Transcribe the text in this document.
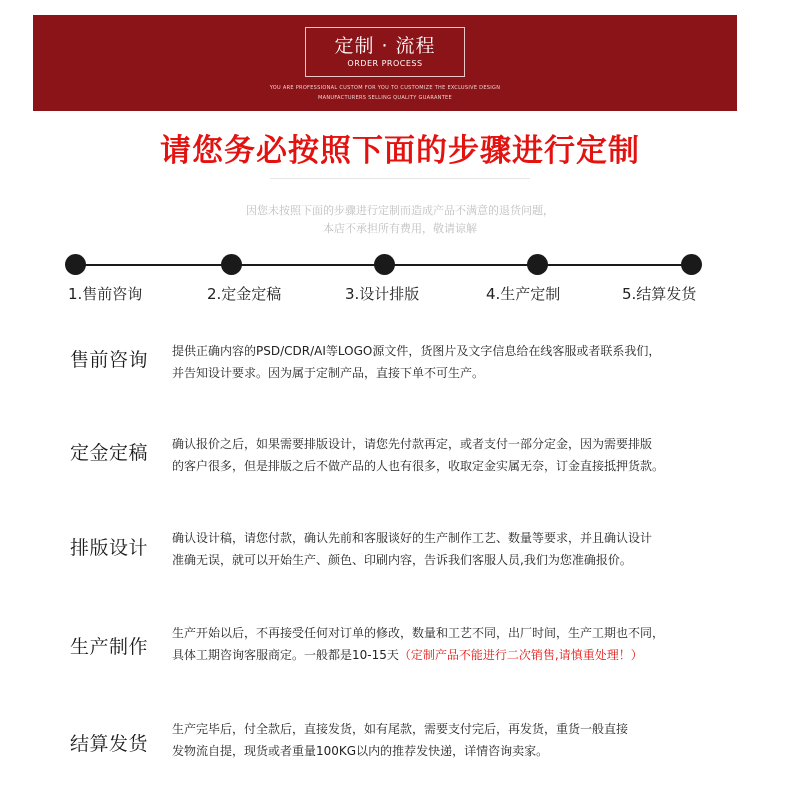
定制 · 流程
ORDER PROCESS
YOU ARE PROFESSIONAL CUSTOM FOR YOU TO CUSTOMIZE THE EXCLUSIVE DESIGN
MANUFACTURERS SELLING QUALITY GUARANTEE
请您务必按照下面的步骤进行定制
因您未按照下面的步骤进行定制而造成产品不满意的退货问题，
本店不承担所有费用，敬请谅解
1.售前咨询	2.定金定稿	3.设计排版	4.生产定制	5.结算发货
售前咨询 提供正确内容的PSD/CDR/AI等LOGO源文件，货图片及文字信息给在线客服或者联系我们，
并告知设计要求。因为属于定制产品，直接下单不可生产。
定金定稿 确认报价之后，如果需要排版设计，请您先付款再定，或者支付一部分定金，因为需要排版
的客户很多，但是排版之后不做产品的人也有很多，收取定金实属无奈，订金直接抵押货款。
排版设计 确认设计稿，请您付款，确认先前和客服谈好的生产制作工艺、数量等要求，并且确认设计
准确无误，就可以开始生产、颜色、印刷内容，告诉我们客服人员,我们为您准确报价。
生产制作
生产开始以后，不再接受任何对订单的修改，数量和工艺不同，出厂时间，生产工期也不同，
具体工期咨询客服商定。一般都是10-15天（定制产品不能进行二次销售,请慎重处理！）
结算发货
生产完毕后，付全款后，直接发货，如有尾款，需要支付完后，再发货，重货一般直接
发物流自提，现货或者重量100KG以内的推荐发快递，详情咨询卖家。
